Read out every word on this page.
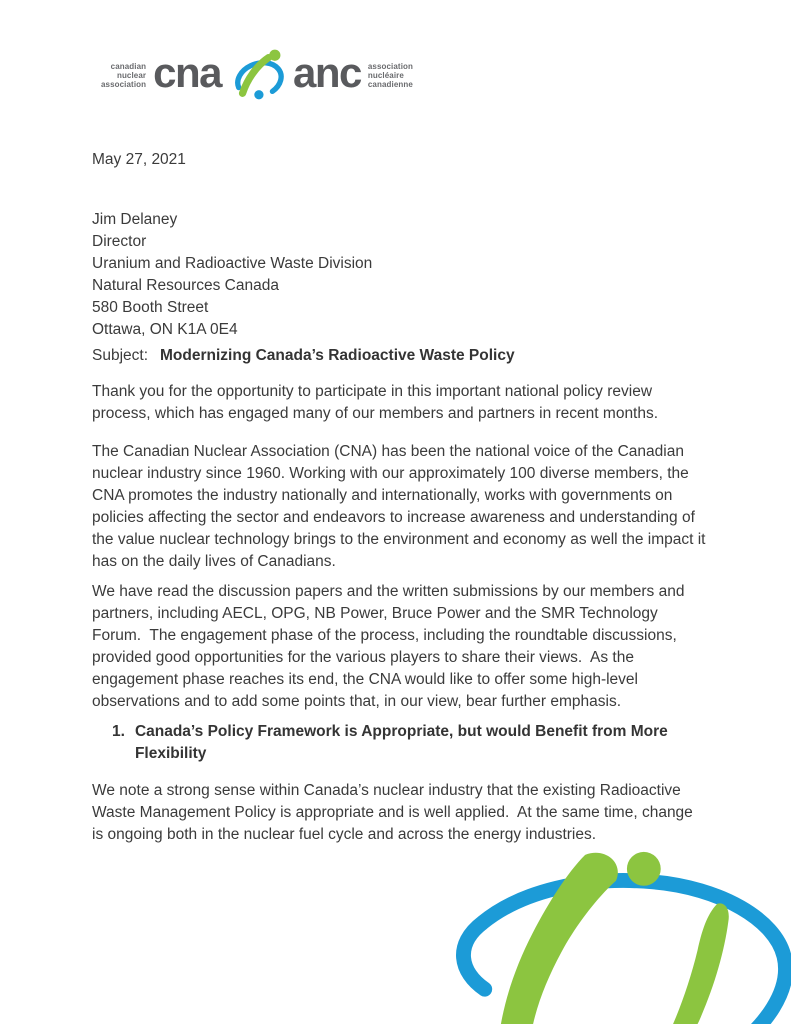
canadian
nuclear
association cna anc association
nucléaire
canadienne
May 27, 2021
Jim Delaney
Director
Uranium and Radioactive Waste Division
Natural Resources Canada
580 Booth Street
Ottawa, ON K1A 0E4
Subject: Modernizing Canada’s Radioactive Waste Policy
Thank you for the opportunity to participate in this important national policy review process, which has engaged many of our members and partners in recent months.
The Canadian Nuclear Association (CNA) has been the national voice of the Canadian nuclear industry since 1960. Working with our approximately 100 diverse members, the CNA promotes the industry nationally and internationally, works with governments on policies affecting the sector and endeavors to increase awareness and understanding of the value nuclear technology brings to the environment and economy as well the impact it has on the daily lives of Canadians.
We have read the discussion papers and the written submissions by our members and partners, including AECL, OPG, NB Power, Bruce Power and the SMR Technology Forum.  The engagement phase of the process, including the roundtable discussions, provided good opportunities for the various players to share their views.  As the engagement phase reaches its end, the CNA would like to offer some high-level observations and to add some points that, in our view, bear further emphasis.
1. Canada’s Policy Framework is Appropriate, but would Benefit from More Flexibility
We note a strong sense within Canada’s nuclear industry that the existing Radioactive Waste Management Policy is appropriate and is well applied.  At the same time, change is ongoing both in the nuclear fuel cycle and across the energy industries.
